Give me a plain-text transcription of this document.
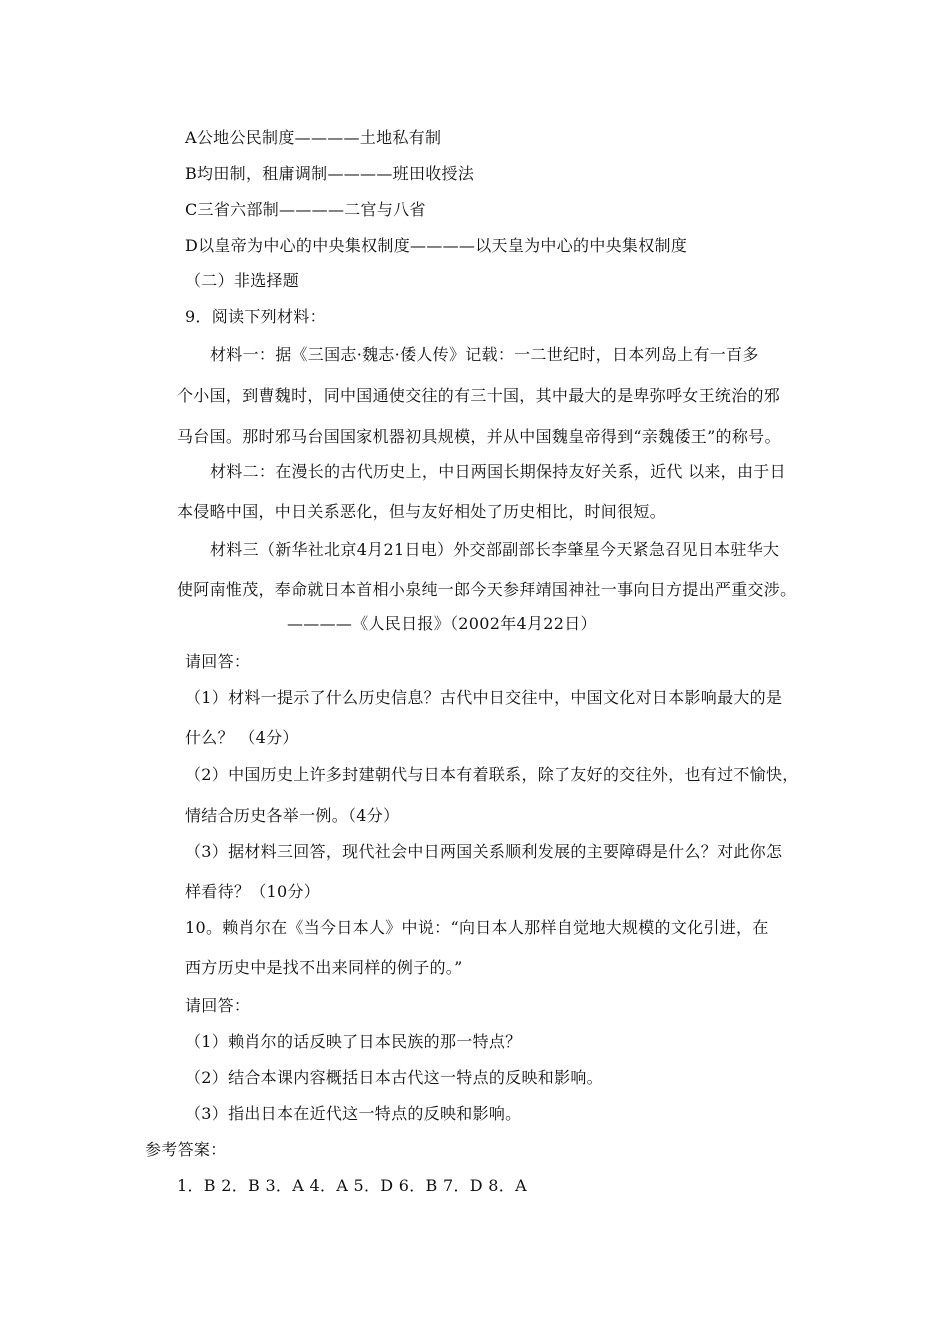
A公地公民制度————土地私有制
B均田制，租庸调制————班田收授法
C三省六部制————二官与八省
D以皇帝为中心的中央集权制度————以天皇为中心的中央集权制度
（二）非选择题
9．阅读下列材料：
材料一：据《三国志·魏志·倭人传》记载：一二世纪时，日本列岛上有一百多
个小国，到曹魏时，同中国通使交往的有三十国，其中最大的是卑弥呼女王统治的邪
马台国。那时邪马台国国家机器初具规模，并从中国魏皇帝得到“亲魏倭王”的称号。
材料二：在漫长的古代历史上，中日两国长期保持友好关系，近代 以来，由于日
本侵略中国，中日关系恶化，但与友好相处了历史相比，时间很短。
材料三（新华社北京4月21日电）外交部副部长李肇星今天紧急召见日本驻华大
使阿南惟茂，奉命就日本首相小泉纯一郎今天参拜靖国神社一事向日方提出严重交涉。
————《人民日报》（2002年4月22日）
请回答：
（1）材料一提示了什么历史信息？古代中日交往中，中国文化对日本影响最大的是
什么？ （4分）
（2）中国历史上许多封建朝代与日本有着联系，除了友好的交往外，也有过不愉快，
情结合历史各举一例。（4分）
（3）据材料三回答，现代社会中日两国关系顺利发展的主要障碍是什么？对此你怎
样看待？（10分）
10。赖肖尔在《当今日本人》中说：“向日本人那样自觉地大规模的文化引进，在
西方历史中是找不出来同样的例子的。”
请回答：
（1）赖肖尔的话反映了日本民族的那一特点？
（2）结合本课内容概括日本古代这一特点的反映和影响。
（3）指出日本在近代这一特点的反映和影响。
参考答案：
1．B 2．B 3．A 4．A 5．D 6．B 7．D 8．A
